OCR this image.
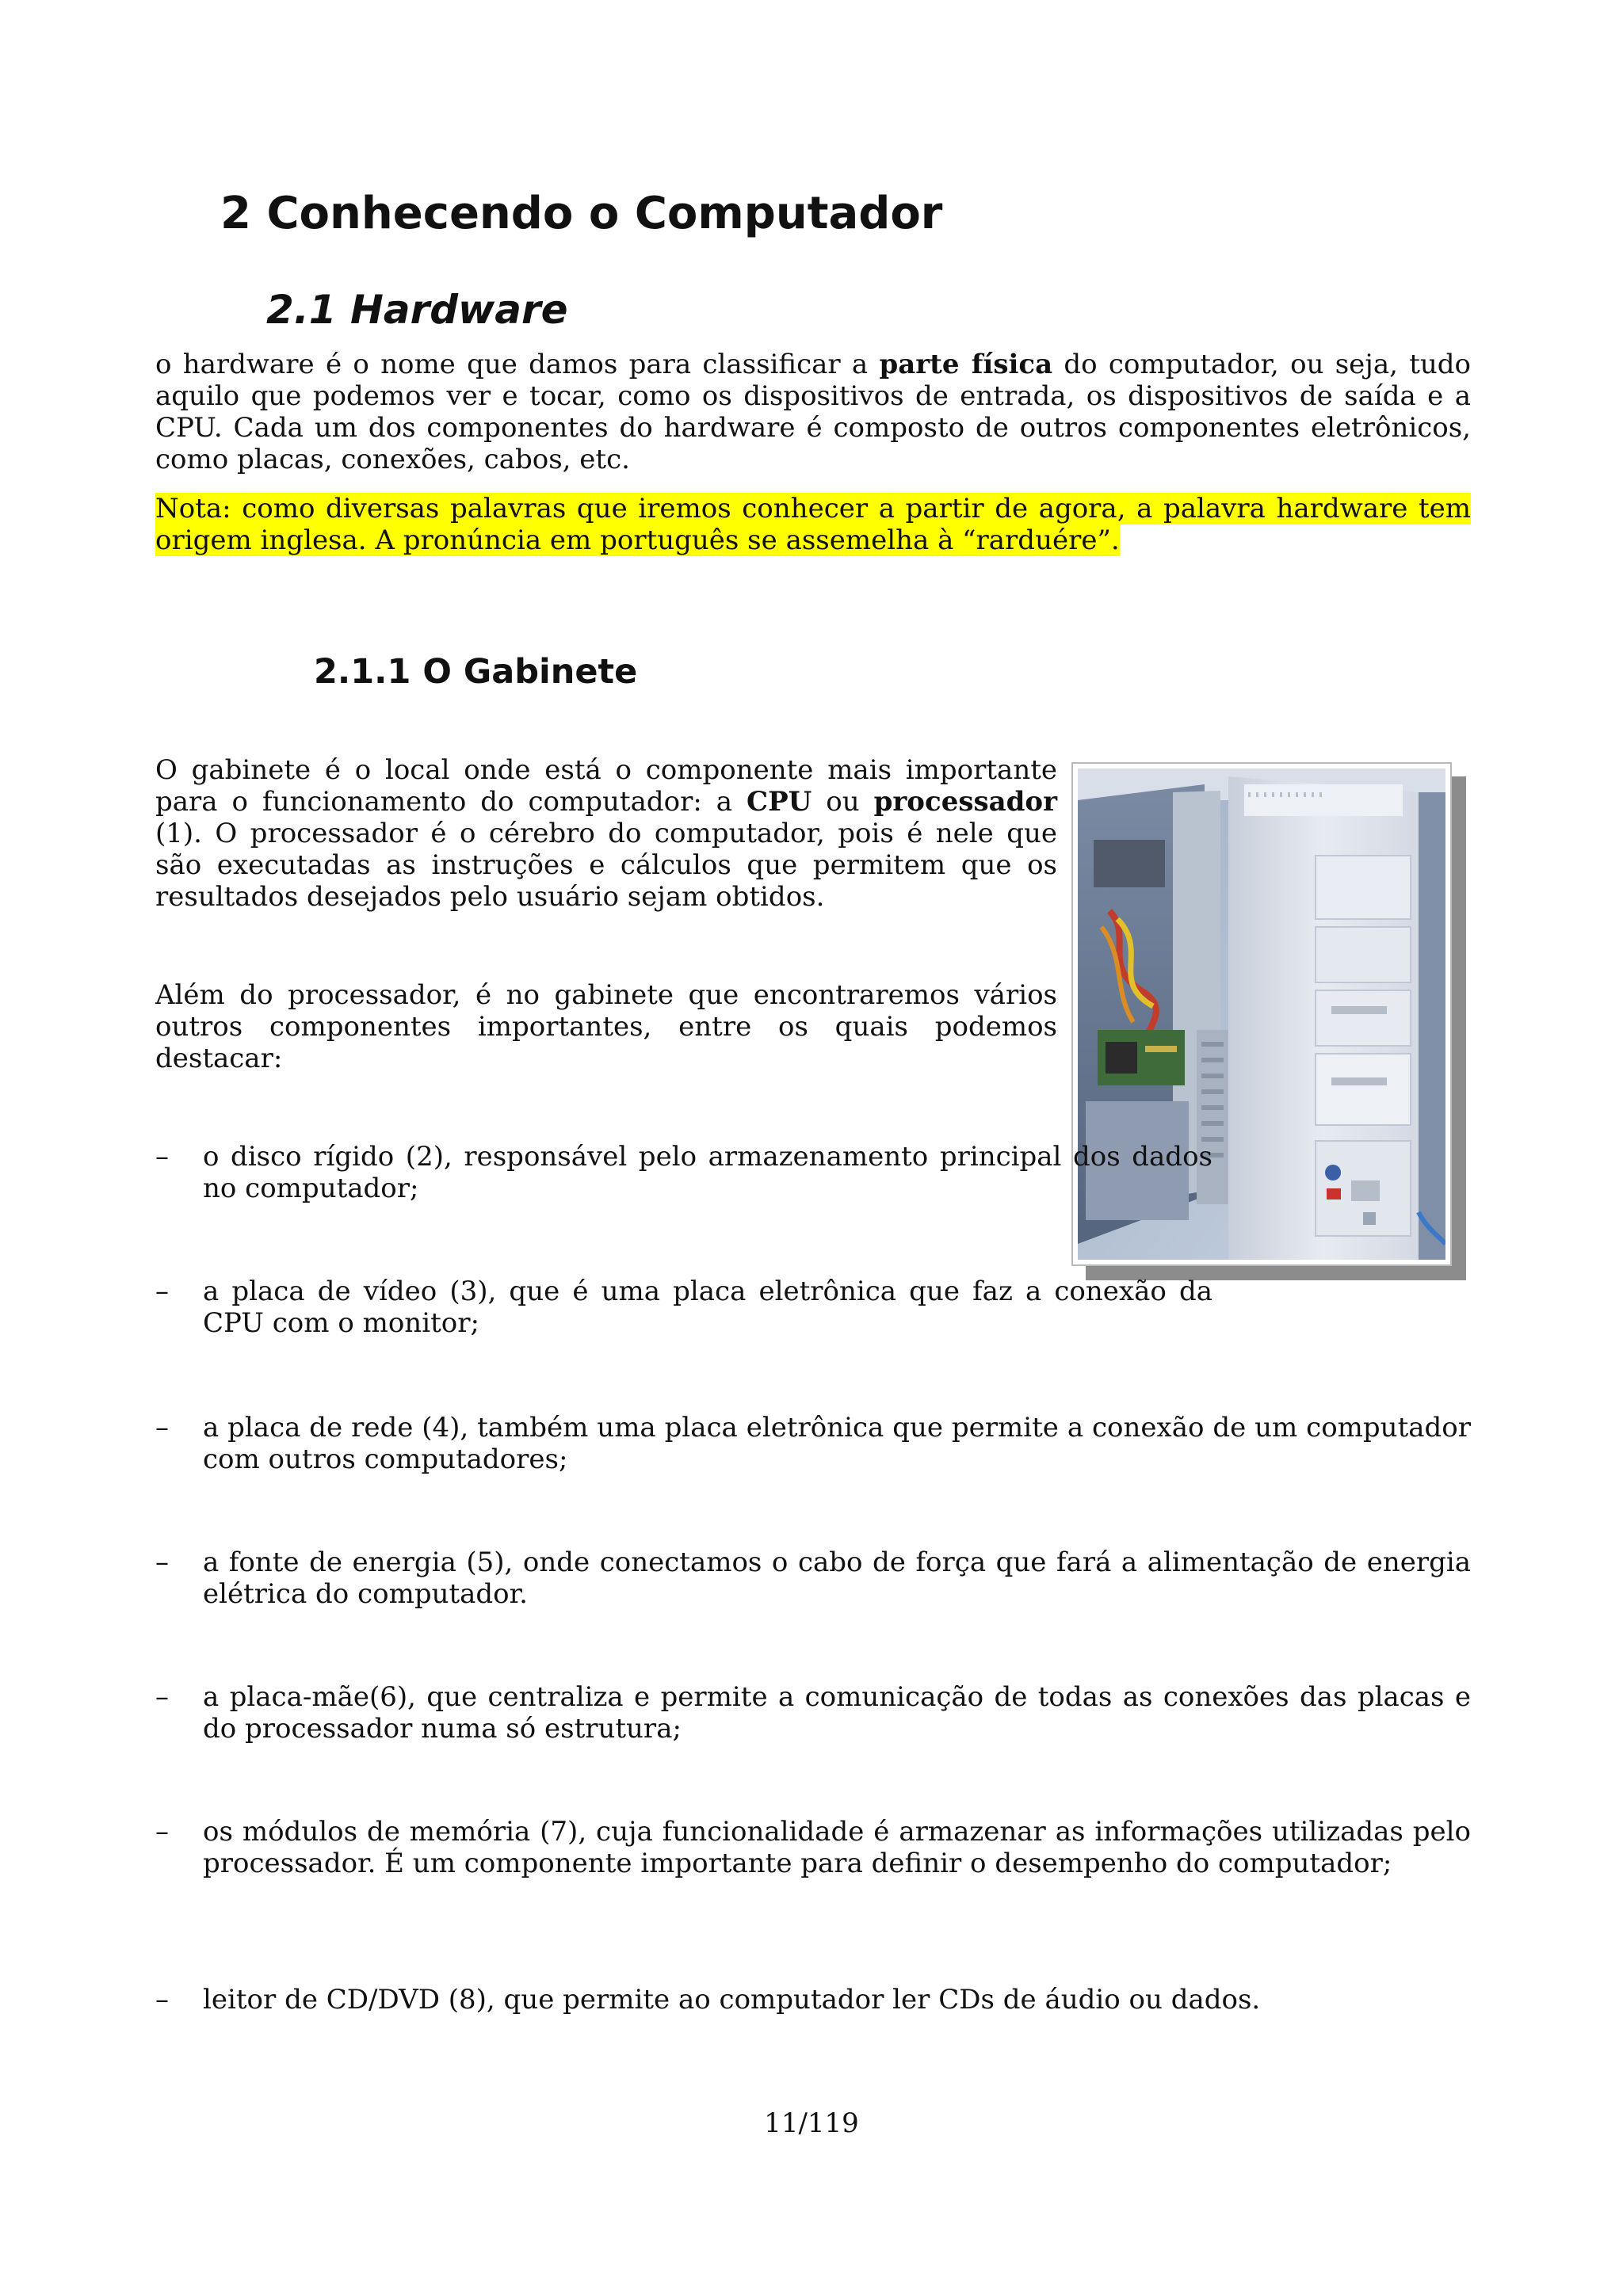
2 Conhecendo o Computador
2.1 Hardware

o hardware é o nome que damos para classificar a parte física do computador, ou seja, tudo aquilo que podemos ver e tocar, como os dispositivos de entrada, os dispositivos de saída e a CPU. Cada um dos componentes do hardware é composto de outros componentes eletrônicos, como placas, conexões, cabos, etc.

Nota: como diversas palavras que iremos conhecer a partir de agora, a palavra hardware tem origem inglesa. A pronúncia em português se assemelha à “rarduére”.

2.1.1 O Gabinete

O gabinete é o local onde está o componente mais importante para o funcionamento do computador: a CPU ou processador (1). O processador é o cérebro do computador, pois é nele que são executadas as instruções e cálculos que permitem que os resultados desejados pelo usuário sejam obtidos.

Além do processador, é no gabinete que encontraremos vários outros componentes importantes, entre os quais podemos destacar:

–	o disco rígido (2), responsável pelo armazenamento principal dos dados no computador;
–	a placa de vídeo (3), que é uma placa eletrônica que faz a conexão da CPU com o monitor;
–	a placa de rede (4), também uma placa eletrônica que permite a conexão de um computador com outros computadores;
–	a fonte de energia (5), onde conectamos o cabo de força que fará a alimentação de energia elétrica do computador.
–	a placa-mãe(6), que centraliza e permite a comunicação de todas as conexões das placas e do processador numa só estrutura;
–	os módulos de memória (7), cuja funcionalidade é armazenar as informações utilizadas pelo processador. É um componente importante para definir o desempenho do computador;
–	leitor de CD/DVD (8), que permite ao computador ler CDs de áudio ou dados.

11/119
